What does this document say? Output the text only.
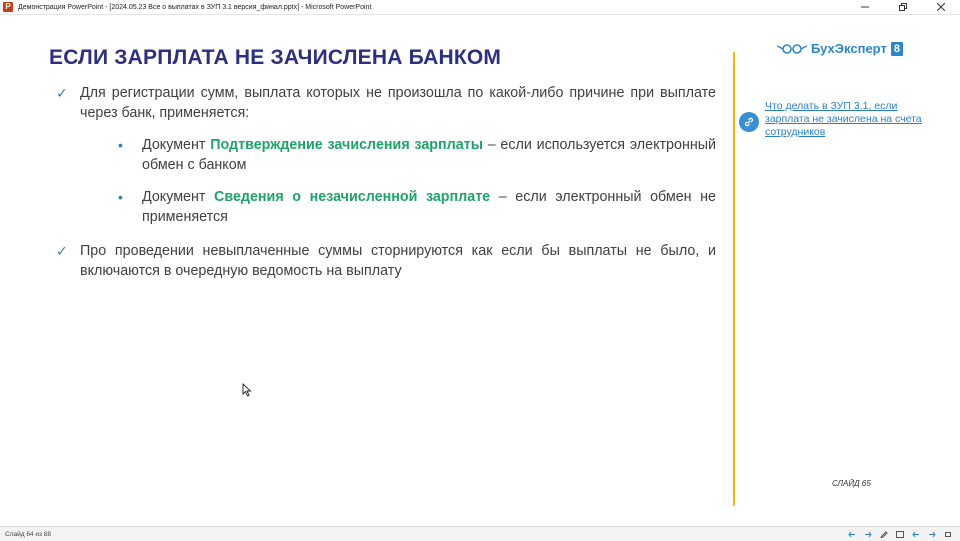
P	Демонстрация PowerPoint - [2024.05.23 Все о выплатах в ЗУП 3.1 версия_финал.pptx] - Microsoft PowerPoint
ЕСЛИ ЗАРПЛАТА НЕ ЗАЧИСЛЕНА БАНКОМ
✓ Для регистрации сумм, выплата которых не произошла по какой-либо причине при выплате через банк, применяется:
• Документ Подтверждение зачисления зарплаты – если используется электронный обмен с банком
• Документ Сведения о незачисленной зарплате – если электронный обмен не применяется
✓ Про проведении невыплаченные суммы сторнируются как если бы выплаты не было, и включаются в очередную ведомость на выплату
БухЭксперт 8
Что делать в ЗУП 3.1, если зарплата не зачислена на счета сотрудников
СЛАЙД 65
Слайд 64 из 88
